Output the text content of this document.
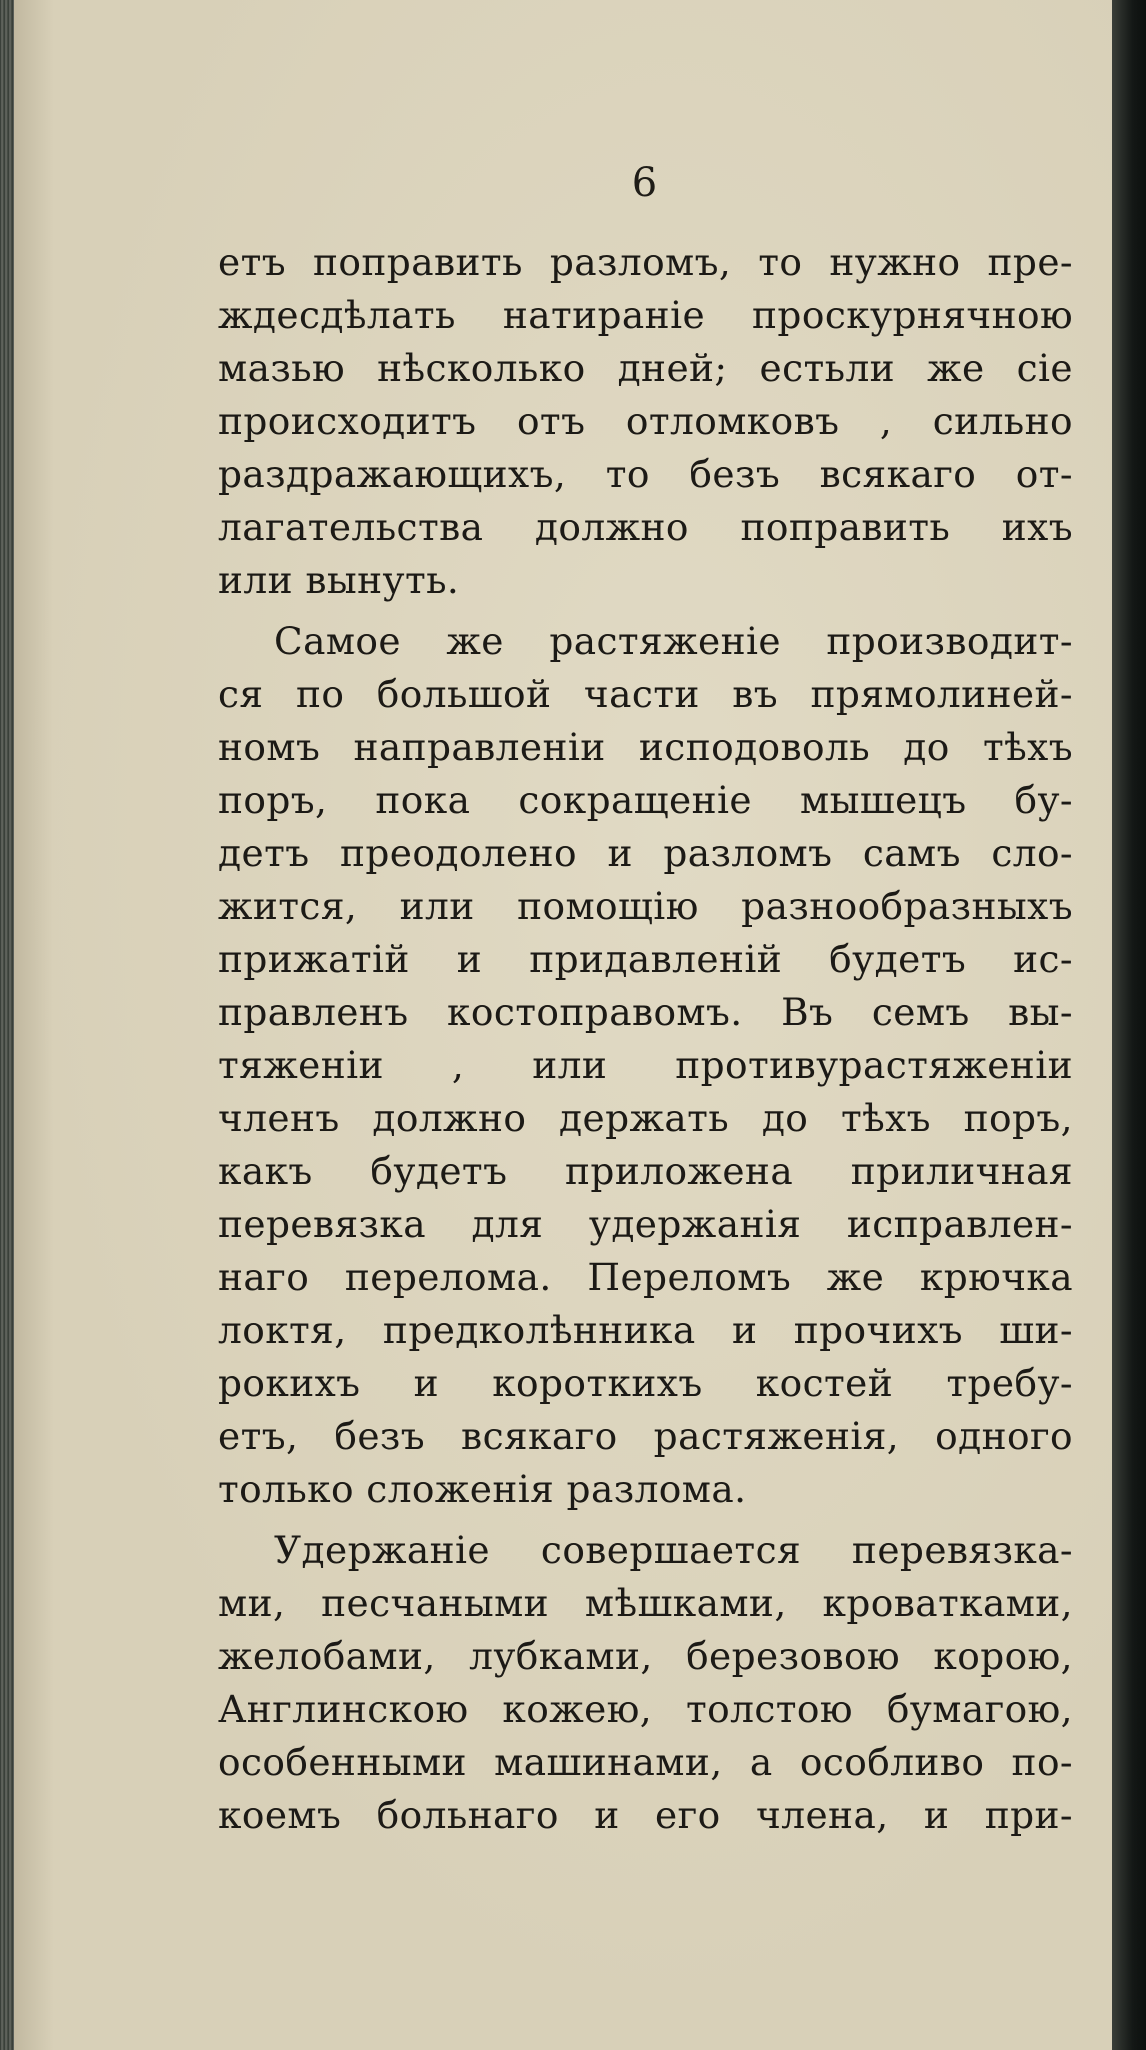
6
етъ поправить разломъ, то нужно пре-
ждесдѣлать натираніе проскурнячною
мазью нѣсколько дней; естьли же сіе
происходитъ отъ отломковъ , сильно
раздражающихъ, то безъ всякаго от-
лагательства должно поправить ихъ
или вынуть.
Самое же растяженіе производит-
ся по большой части въ прямолиней-
номъ направленіи исподоволь до тѣхъ
поръ, пока сокращеніе мышецъ бу-
детъ преодолено и разломъ самъ сло-
жится, или помощію разнообразныхъ
прижатій и придавленій будетъ ис-
правленъ костоправомъ. Въ семъ вы-
тяженіи , или противурастяженіи
членъ должно держать до тѣхъ поръ,
какъ будетъ приложена приличная
перевязка для удержанія исправлен-
наго перелома. Переломъ же крючка
локтя, предколѣнника и прочихъ ши-
рокихъ и короткихъ костей требу-
етъ, безъ всякаго растяженія, одного
только сложенія разлома.
Удержаніе совершается перевязка-
ми, песчаными мѣшками, кроватками,
желобами, лубками, березовою корою,
Англинскою кожею, толстою бумагою,
особенными машинами, а особливо по-
коемъ больнаго и его члена, и при-
